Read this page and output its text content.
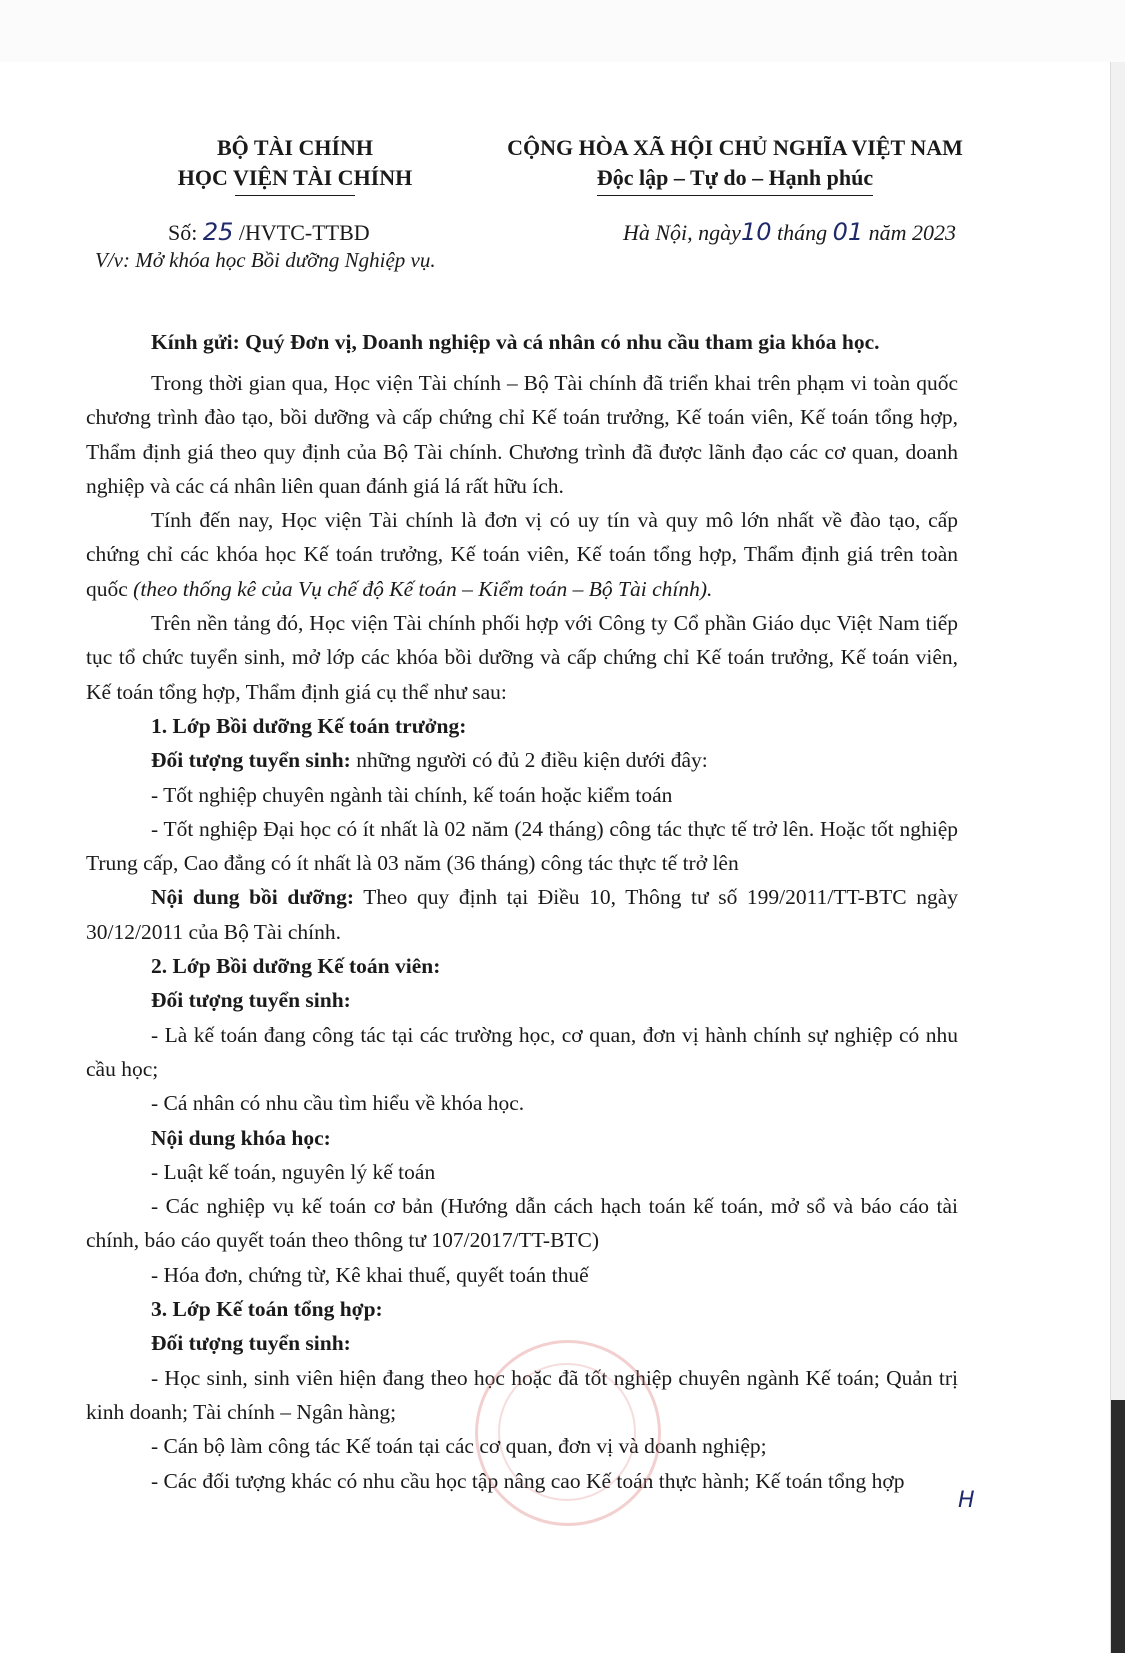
BỘ TÀI CHÍNH
HỌC VIỆN TÀI CHÍNH
CỘNG HÒA XÃ HỘI CHỦ NGHĨA VIỆT NAM
Độc lập – Tự do – Hạnh phúc
Số: 25 /HVTC-TTBD
V/v: Mở khóa học Bồi dưỡng Nghiệp vụ.
Hà Nội, ngày10 tháng 01 năm 2023
Kính gửi: Quý Đơn vị, Doanh nghiệp và cá nhân có nhu cầu tham gia khóa học.

Trong thời gian qua, Học viện Tài chính – Bộ Tài chính đã triển khai trên phạm vi toàn quốc chương trình đào tạo, bồi dưỡng và cấp chứng chỉ Kế toán trưởng, Kế toán viên, Kế toán tổng hợp, Thẩm định giá theo quy định của Bộ Tài chính. Chương trình đã được lãnh đạo các cơ quan, doanh nghiệp và các cá nhân liên quan đánh giá lá rất hữu ích.

Tính đến nay, Học viện Tài chính là đơn vị có uy tín và quy mô lớn nhất về đào tạo, cấp chứng chỉ các khóa học Kế toán trưởng, Kế toán viên, Kế toán tổng hợp, Thẩm định giá trên toàn quốc (theo thống kê của Vụ chế độ Kế toán – Kiểm toán – Bộ Tài chính).

Trên nền tảng đó, Học viện Tài chính phối hợp với Công ty Cổ phần Giáo dục Việt Nam tiếp tục tổ chức tuyển sinh, mở lớp các khóa bồi dưỡng và cấp chứng chỉ Kế toán trưởng, Kế toán viên, Kế toán tổng hợp, Thẩm định giá cụ thể như sau:

1. Lớp Bồi dưỡng Kế toán trưởng:

Đối tượng tuyển sinh: những người có đủ 2 điều kiện dưới đây:

- Tốt nghiệp chuyên ngành tài chính, kế toán hoặc kiểm toán

- Tốt nghiệp Đại học có ít nhất là 02 năm (24 tháng) công tác thực tế trở lên. Hoặc tốt nghiệp Trung cấp, Cao đẳng có ít nhất là 03 năm (36 tháng) công tác thực tế trở lên

Nội dung bồi dưỡng: Theo quy định tại Điều 10, Thông tư số 199/2011/TT-BTC ngày 30/12/2011 của Bộ Tài chính.

2. Lớp Bồi dưỡng Kế toán viên:

Đối tượng tuyển sinh:

- Là kế toán đang công tác tại các trường học, cơ quan, đơn vị hành chính sự nghiệp có nhu cầu học;

- Cá nhân có nhu cầu tìm hiểu về khóa học.

Nội dung khóa học:

- Luật kế toán, nguyên lý kế toán

- Các nghiệp vụ kế toán cơ bản (Hướng dẫn cách hạch toán kế toán, mở sổ và báo cáo tài chính, báo cáo quyết toán theo thông tư 107/2017/TT-BTC)

- Hóa đơn, chứng từ, Kê khai thuế, quyết toán thuế

3. Lớp Kế toán tổng hợp:

Đối tượng tuyển sinh:

- Học sinh, sinh viên hiện đang theo học hoặc đã tốt nghiệp chuyên ngành Kế toán; Quản trị kinh doanh; Tài chính – Ngân hàng;

- Cán bộ làm công tác Kế toán tại các cơ quan, đơn vị và doanh nghiệp;

- Các đối tượng khác có nhu cầu học tập nâng cao Kế toán thực hành; Kế toán tổng hợp

H
